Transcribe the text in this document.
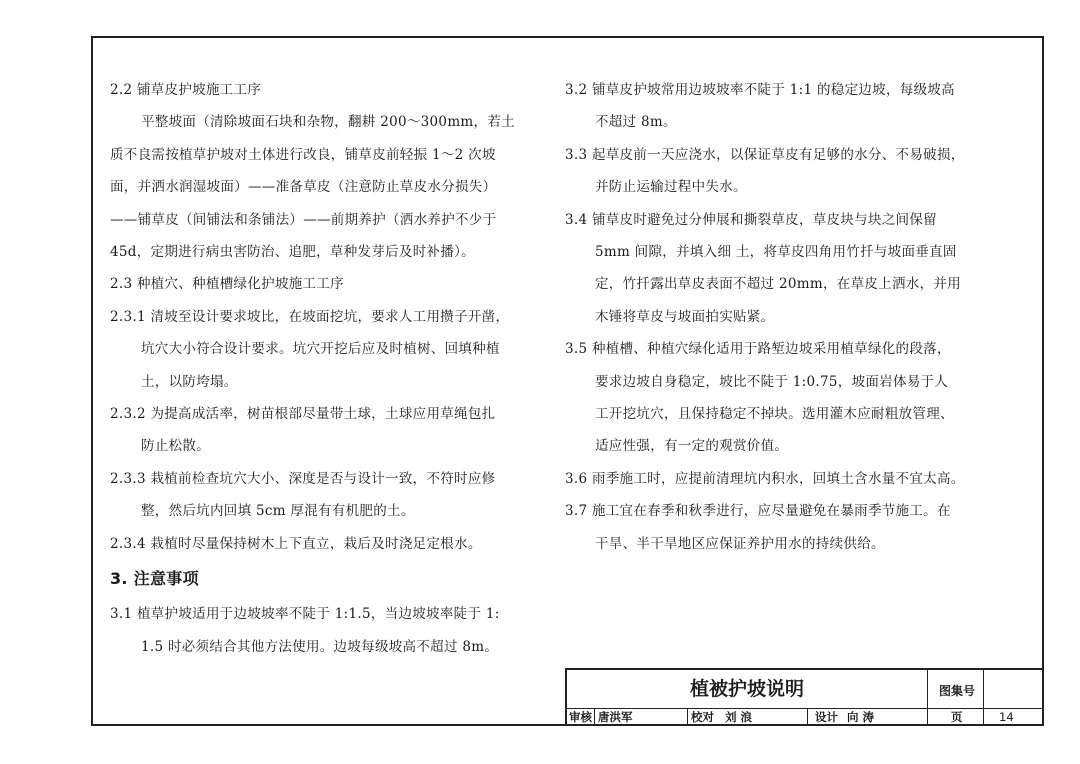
2.2 铺草皮护坡施工工序

平整坡面（清除坡面石块和杂物，翻耕 200～300mm，若土

质不良需按植草护坡对土体进行改良，铺草皮前轻振 1～2 次坡

面，并洒水润湿坡面）——准备草皮（注意防止草皮水分损失）

——铺草皮（间铺法和条铺法）——前期养护（洒水养护不少于

45d，定期进行病虫害防治、追肥，草种发芽后及时补播）。

2.3 种植穴、种植槽绿化护坡施工工序

2.3.1 清坡至设计要求坡比，在坡面挖坑，要求人工用攒子开凿，

坑穴大小符合设计要求。坑穴开挖后应及时植树、回填种植

土，以防垮塌。

2.3.2 为提高成活率，树苗根部尽量带土球，土球应用草绳包扎

防止松散。

2.3.3 栽植前检查坑穴大小、深度是否与设计一致，不符时应修

整，然后坑内回填 5cm 厚混有有机肥的土。

2.3.4 栽植时尽量保持树木上下直立，栽后及时浇足定根水。

3. 注意事项

3.1 植草护坡适用于边坡坡率不陡于 1:1.5，当边坡坡率陡于 1:

1.5 时必须结合其他方法使用。边坡每级坡高不超过 8m。

3.2 铺草皮护坡常用边坡坡率不陡于 1:1 的稳定边坡，每级坡高

不超过 8m。

3.3 起草皮前一天应浇水，以保证草皮有足够的水分、不易破损，

并防止运输过程中失水。

3.4 铺草皮时避免过分伸展和撕裂草皮，草皮块与块之间保留

5mm 间隙，并填入细 土，将草皮四角用竹扦与坡面垂直固

定，竹扦露出草皮表面不超过 20mm，在草皮上洒水，并用

木锤将草皮与坡面拍实贴紧。

3.5 种植槽、种植穴绿化适用于路堑边坡采用植草绿化的段落，

要求边坡自身稳定，坡比不陡于 1:0.75，坡面岩体易于人

工开挖坑穴，且保持稳定不掉块。选用灌木应耐粗放管理、

适应性强，有一定的观赏价值。

3.6 雨季施工时，应提前清理坑内积水，回填土含水量不宜太高。

3.7 施工宜在春季和秋季进行，应尽量避免在暴雨季节施工。在

干旱、半干旱地区应保证养护用水的持续供给。

植被护坡说明	图集号
审核 唐洪军	校对 刘 浪	设计 向 涛	页	14
